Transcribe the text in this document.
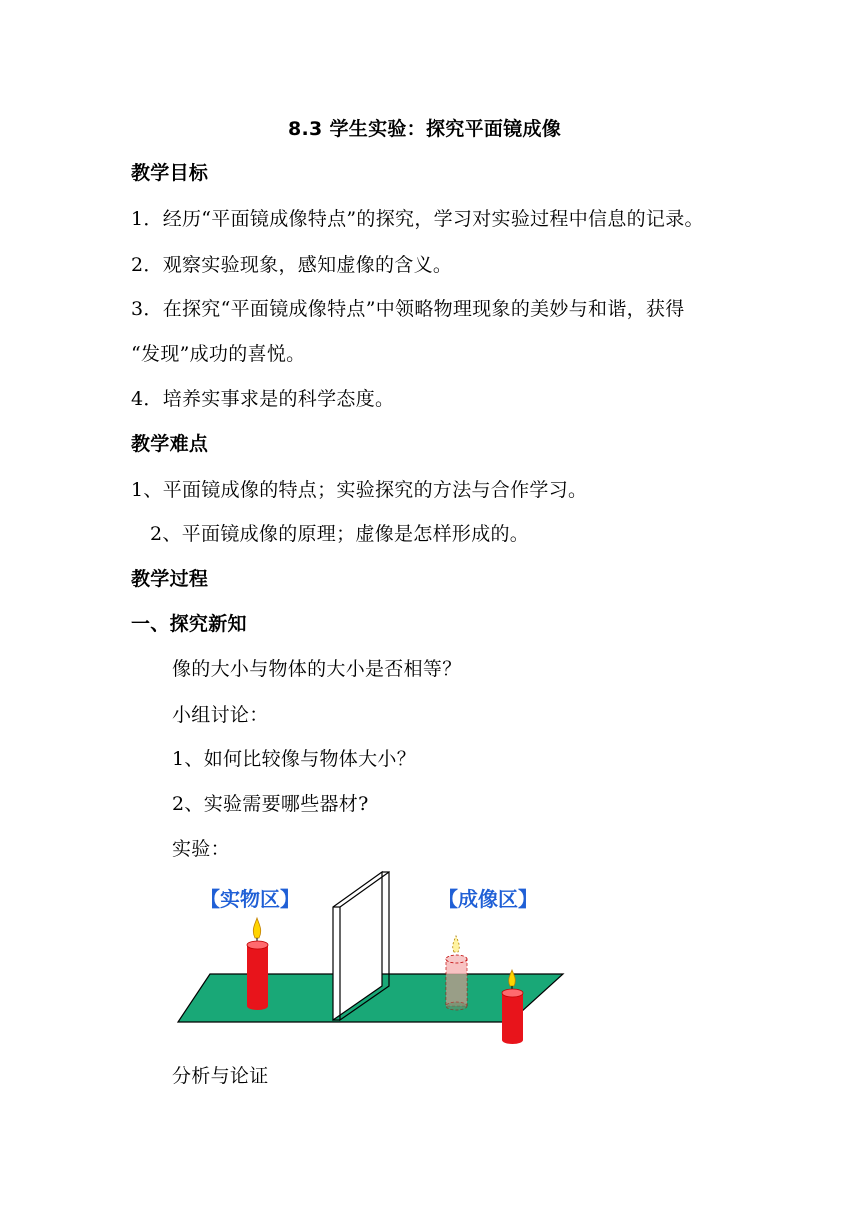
8.3 学生实验：探究平面镜成像
教学目标
1．经历“平面镜成像特点”的探究，学习对实验过程中信息的记录。
2．观察实验现象，感知虚像的含义。
3．在探究“平面镜成像特点”中领略物理现象的美妙与和谐，获得
“发现”成功的喜悦。
4．培养实事求是的科学态度。
教学难点
1、平面镜成像的特点；实验探究的方法与合作学习。
2、平面镜成像的原理；虚像是怎样形成的。
教学过程
一、探究新知
像的大小与物体的大小是否相等？
小组讨论：
1、如何比较像与物体大小？
2、实验需要哪些器材?
实验：
【实物区】	【成像区】
分析与论证
